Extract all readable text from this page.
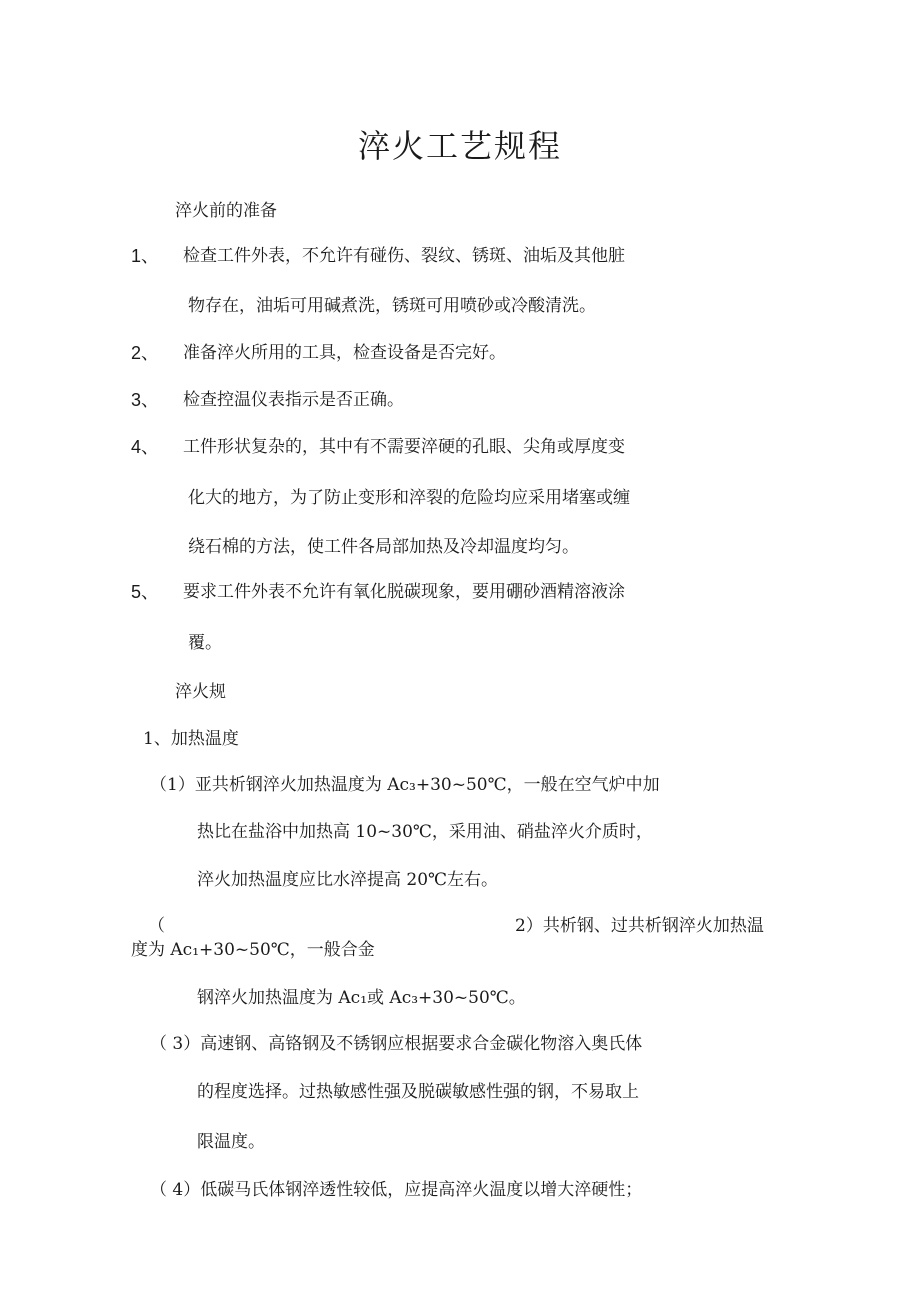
淬火工艺规程
淬火前的准备
1、 检查工件外表，不允许有碰伤、裂纹、锈斑、油垢及其他脏
物存在，油垢可用碱煮洗，锈斑可用喷砂或冷酸清洗。
2、 准备淬火所用的工具，检查设备是否完好。
3、 检查控温仪表指示是否正确。
4、 工件形状复杂的，其中有不需要淬硬的孔眼、尖角或厚度变
化大的地方，为了防止变形和淬裂的危险均应采用堵塞或缠
绕石棉的方法，使工件各局部加热及冷却温度均匀。
5、 要求工件外表不允许有氧化脱碳现象，要用硼砂酒精溶液涂
覆。
淬火规
1、加热温度
（1）亚共析钢淬火加热温度为 Ac₃+30~50℃，一般在空气炉中加
热比在盐浴中加热高 10~30℃，采用油、硝盐淬火介质时，
淬火加热温度应比水淬提高 20℃左右。
（	2）共析钢、过共析钢淬火加热温
度为 Ac₁+30~50℃，一般合金
钢淬火加热温度为 Ac₁或 Ac₃+30~50℃。
（ 3）高速钢、高铬钢及不锈钢应根据要求合金碳化物溶入奥氏体
的程度选择。过热敏感性强及脱碳敏感性强的钢，不易取上
限温度。
（ 4）低碳马氏体钢淬透性较低，应提高淬火温度以增大淬硬性；
